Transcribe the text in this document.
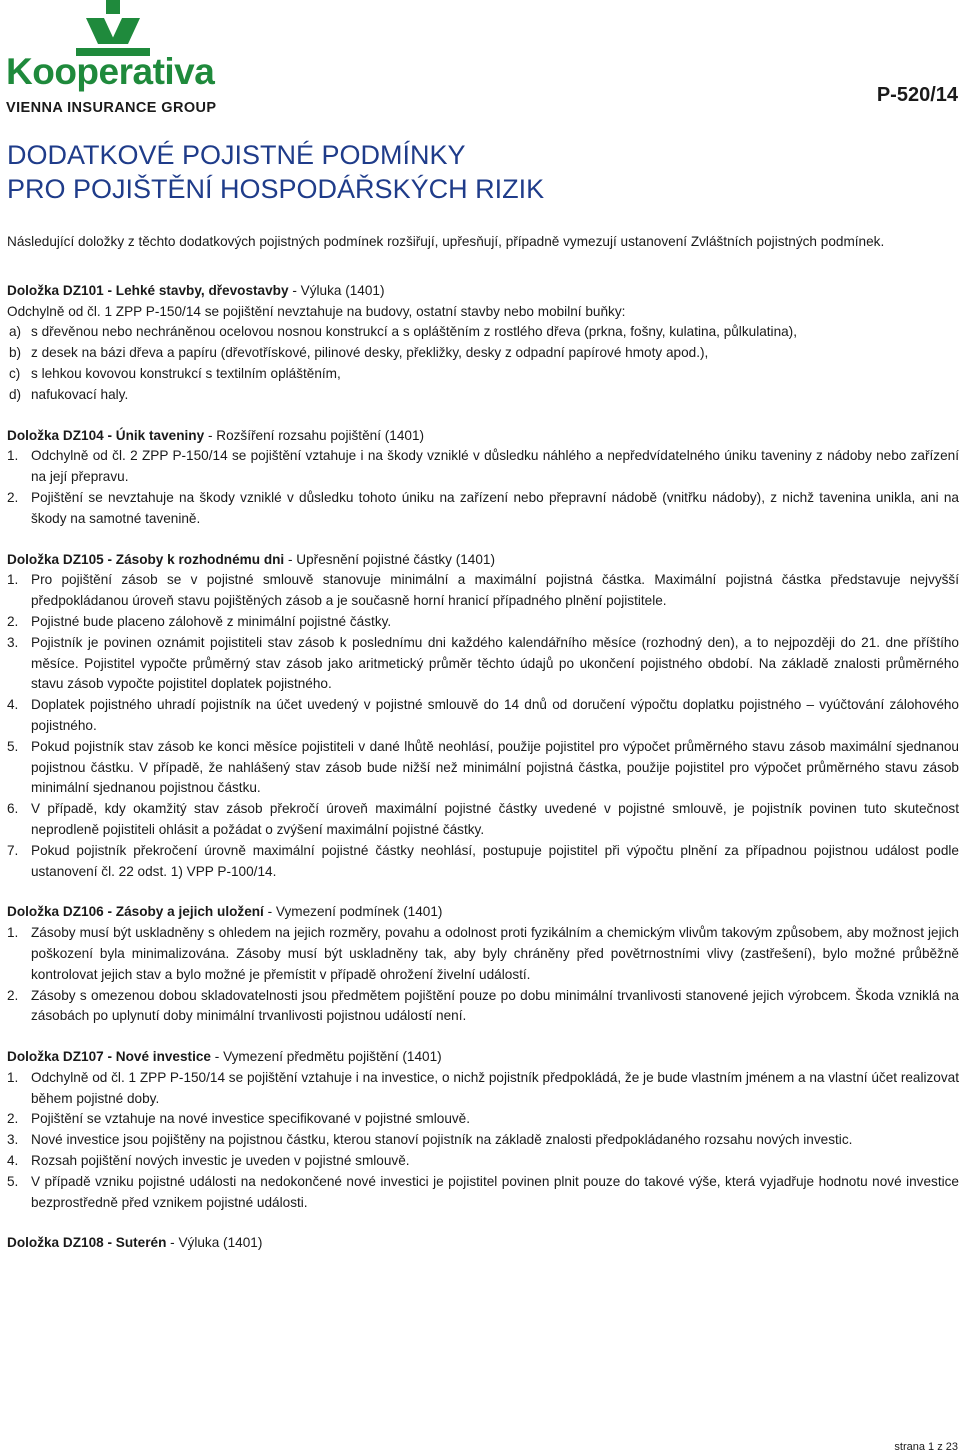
Kooperativa
VIENNA INSURANCE GROUP
P-520/14
DODATKOVÉ POJISTNÉ PODMÍNKY
PRO POJIŠTĚNÍ HOSPODÁŘSKÝCH RIZIK

Následující doložky z těchto dodatkových pojistných podmínek rozšiřují, upřesňují, případně vymezují ustanovení Zvláštních pojistných podmínek.

Doložka DZ101 - Lehké stavby, dřevostavby - Výluka (1401)

Odchylně od čl. 1 ZPP P-150/14 se pojištění nevztahuje na budovy, ostatní stavby nebo mobilní buňky:

a) s dřevěnou nebo nechráněnou ocelovou nosnou konstrukcí a s opláštěním z rostlého dřeva (prkna, fošny, kulatina, půlkulatina),
b) z desek na bázi dřeva a papíru (dřevotřískové, pilinové desky, překližky, desky z odpadní papírové hmoty apod.),
c) s lehkou kovovou konstrukcí s textilním opláštěním,
d) nafukovací haly.

Doložka DZ104 - Únik taveniny - Rozšíření rozsahu pojištění (1401)

1. Odchylně od čl. 2 ZPP P-150/14 se pojištění vztahuje i na škody vzniklé v důsledku náhlého a nepředvídatelného úniku taveniny z nádoby nebo zařízení na její přepravu.
2. Pojištění se nevztahuje na škody vzniklé v důsledku tohoto úniku na zařízení nebo přepravní nádobě (vnitřku nádoby), z nichž tavenina unikla, ani na škody na samotné tavenině.

Doložka DZ105 - Zásoby k rozhodnému dni - Upřesnění pojistné částky (1401)

1. Pro pojištění zásob se v pojistné smlouvě stanovuje minimální a maximální pojistná částka. Maximální pojistná částka představuje nejvyšší předpokládanou úroveň stavu pojištěných zásob a je současně horní hranicí případného plnění pojistitele.
2. Pojistné bude placeno zálohově z minimální pojistné částky.
3. Pojistník je povinen oznámit pojistiteli stav zásob k poslednímu dni každého kalendářního měsíce (rozhodný den), a to nejpozději do 21. dne příštího měsíce. Pojistitel vypočte průměrný stav zásob jako aritmetický průměr těchto údajů po ukončení pojistného období. Na základě znalosti průměrného stavu zásob vypočte pojistitel doplatek pojistného.
4. Doplatek pojistného uhradí pojistník na účet uvedený v pojistné smlouvě do 14 dnů od doručení výpočtu doplatku pojistného – vyúčtování zálohového pojistného.
5. Pokud pojistník stav zásob ke konci měsíce pojistiteli v dané lhůtě neohlásí, použije pojistitel pro výpočet průměrného stavu zásob maximální sjednanou pojistnou částku. V případě, že nahlášený stav zásob bude nižší než minimální pojistná částka, použije pojistitel pro výpočet průměrného stavu zásob minimální sjednanou pojistnou částku.
6. V případě, kdy okamžitý stav zásob překročí úroveň maximální pojistné částky uvedené v pojistné smlouvě, je pojistník povinen tuto skutečnost neprodleně pojistiteli ohlásit a požádat o zvýšení maximální pojistné částky.
7. Pokud pojistník překročení úrovně maximální pojistné částky neohlásí, postupuje pojistitel při výpočtu plnění za případnou pojistnou událost podle ustanovení čl. 22 odst. 1) VPP P-100/14.

Doložka DZ106 - Zásoby a jejich uložení - Vymezení podmínek (1401)

1. Zásoby musí být uskladněny s ohledem na jejich rozměry, povahu a odolnost proti fyzikálním a chemickým vlivům takovým způsobem, aby možnost jejich poškození byla minimalizována. Zásoby musí být uskladněny tak, aby byly chráněny před povětrnostními vlivy (zastřešení), bylo možné průběžně kontrolovat jejich stav a bylo možné je přemístit v případě ohrožení živelní událostí.
2. Zásoby s omezenou dobou skladovatelnosti jsou předmětem pojištění pouze po dobu minimální trvanlivosti stanovené jejich výrobcem. Škoda vzniklá na zásobách po uplynutí doby minimální trvanlivosti pojistnou událostí není.

Doložka DZ107 - Nové investice - Vymezení předmětu pojištění (1401)

1. Odchylně od čl. 1 ZPP P-150/14 se pojištění vztahuje i na investice, o nichž pojistník předpokládá, že je bude vlastním jménem a na vlastní účet realizovat během pojistné doby.
2. Pojištění se vztahuje na nové investice specifikované v pojistné smlouvě.
3. Nové investice jsou pojištěny na pojistnou částku, kterou stanoví pojistník na základě znalosti předpokládaného rozsahu nových investic.
4. Rozsah pojištění nových investic je uveden v pojistné smlouvě.
5. V případě vzniku pojistné události na nedokončené nové investici je pojistitel povinen plnit pouze do takové výše, která vyjadřuje hodnotu nové investice bezprostředně před vznikem pojistné události.

Doložka DZ108 - Suterén - Výluka (1401)

strana 1 z 23
